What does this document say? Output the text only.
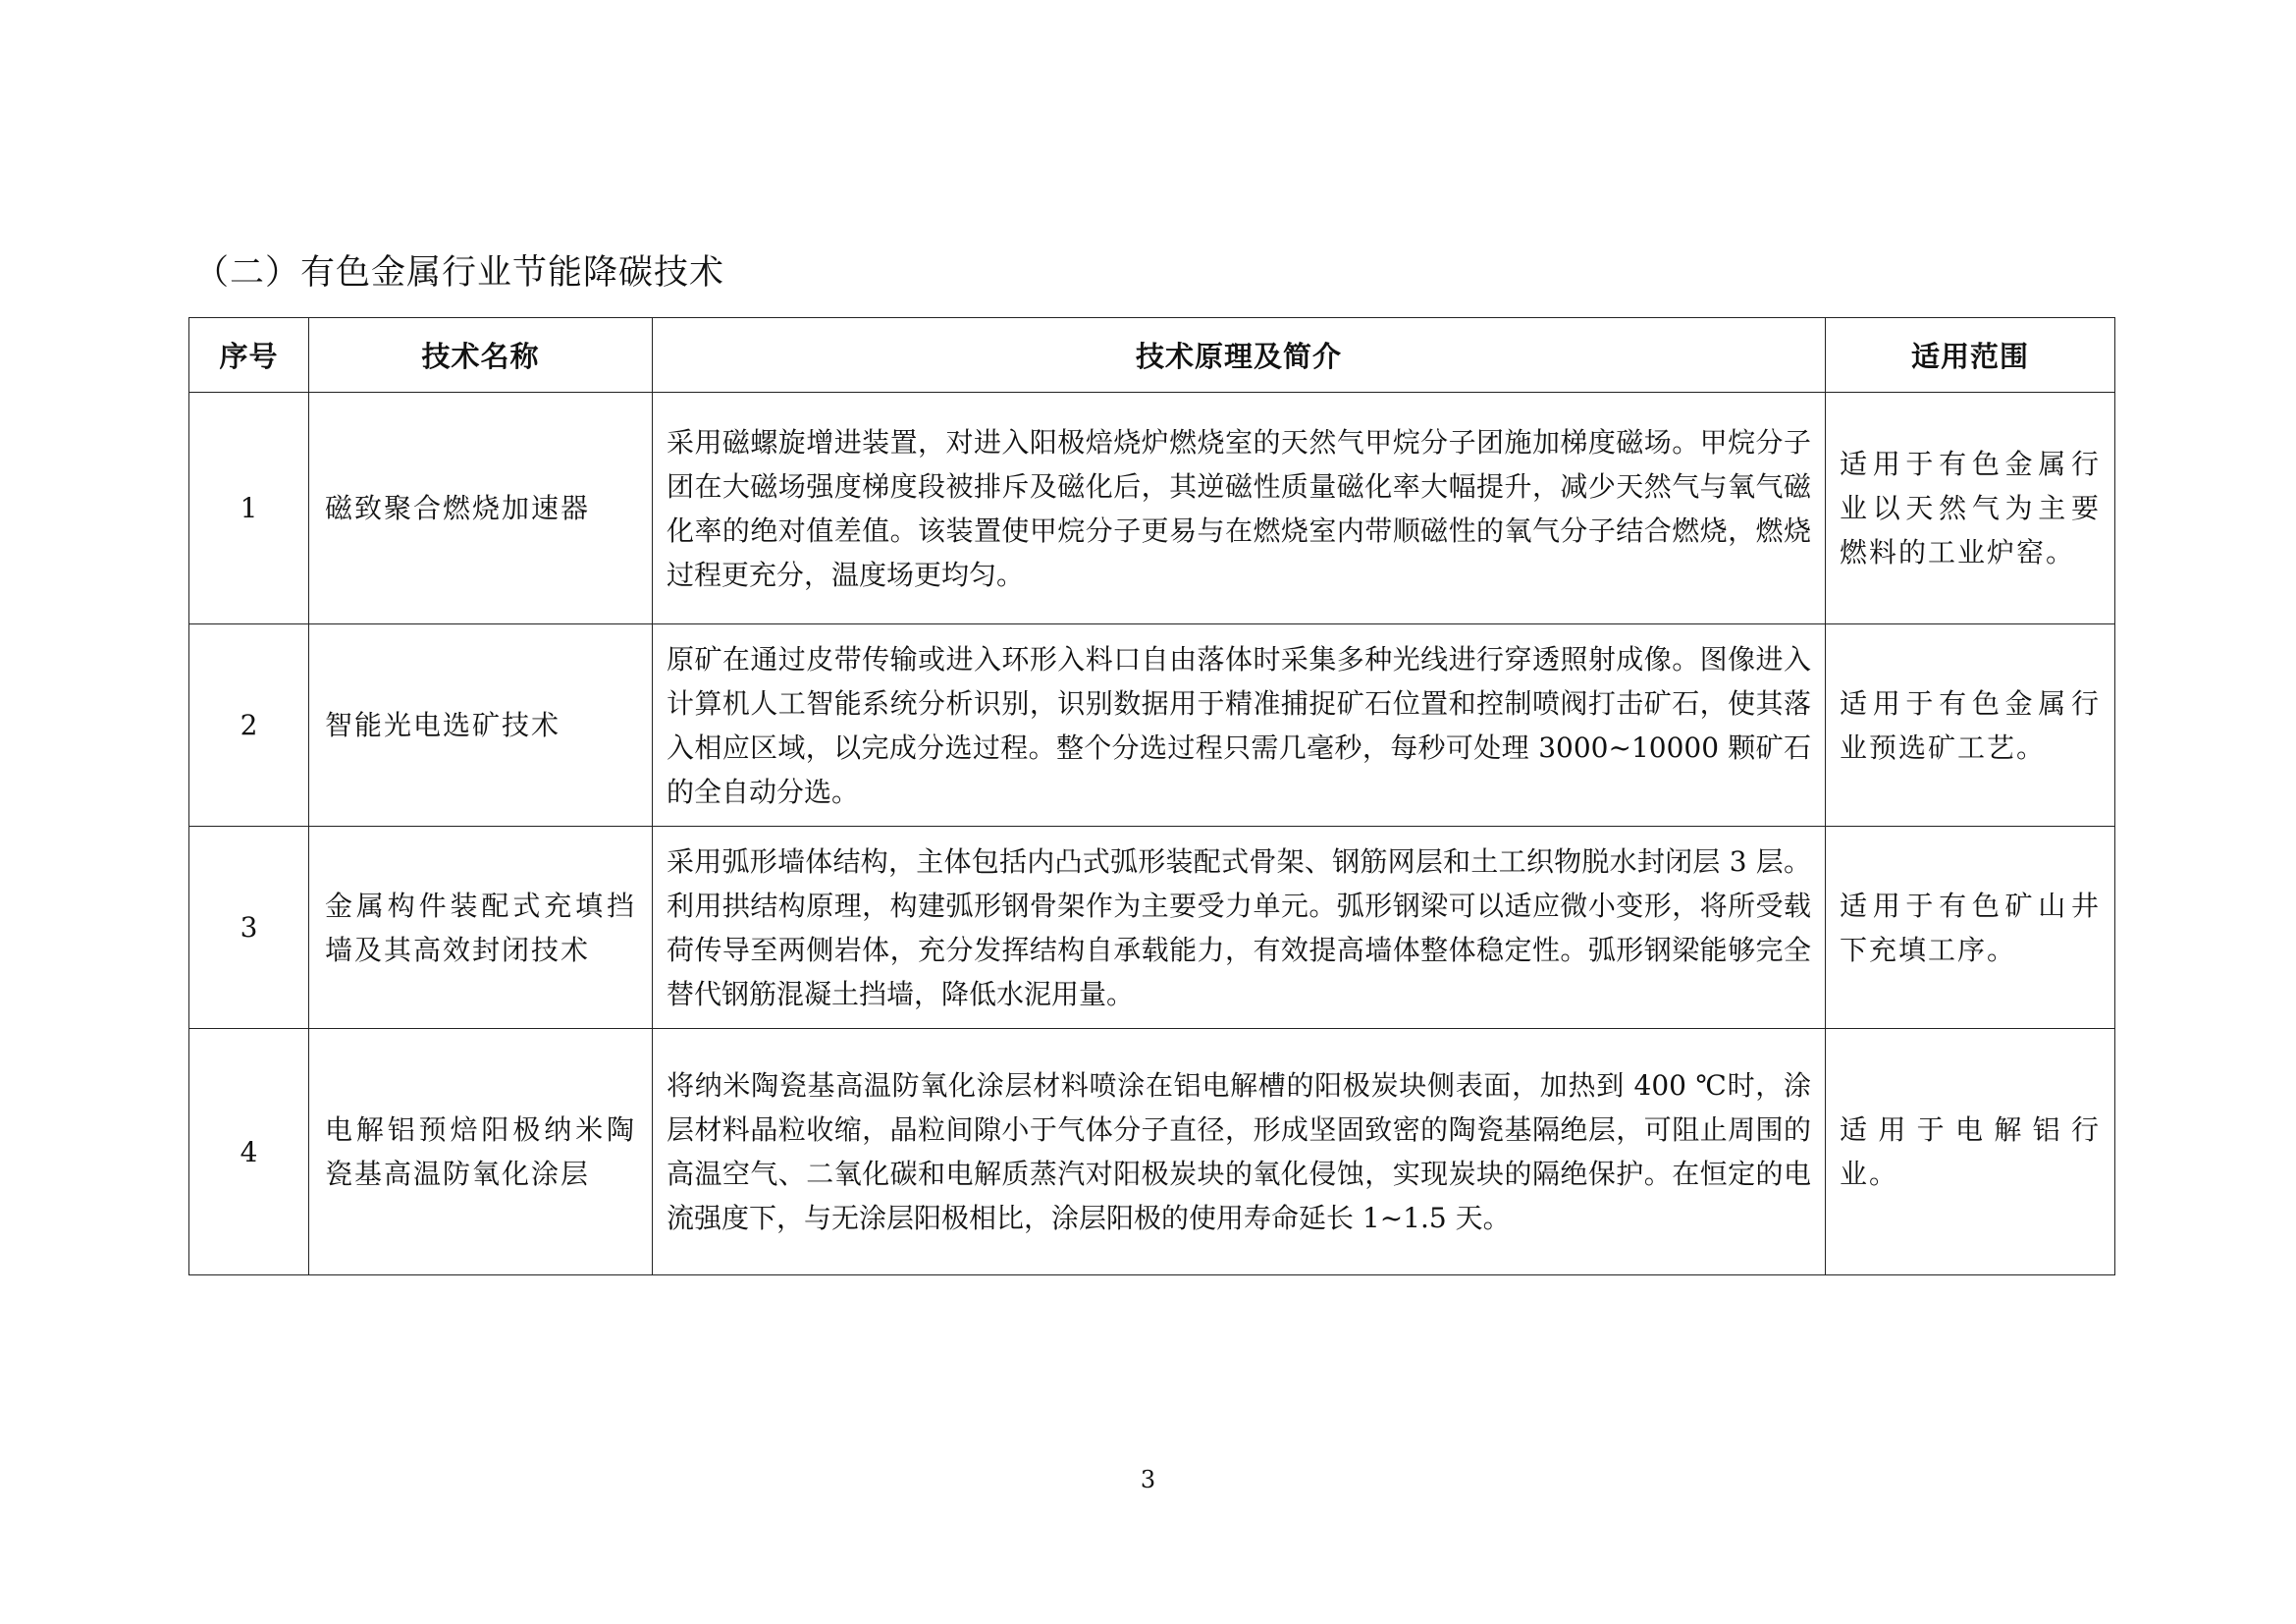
（二）有色金属行业节能降碳技术
序号	技术名称	技术原理及简介	适用范围
1	磁致聚合燃烧加速器	采用磁螺旋增进装置，对进入阳极焙烧炉燃烧室的天然气甲烷分子团施加梯度磁场。甲烷分子团在大磁场强度梯度段被排斥及磁化后，其逆磁性质量磁化率大幅提升，减少天然气与氧气磁化率的绝对值差值。该装置使甲烷分子更易与在燃烧室内带顺磁性的氧气分子结合燃烧，燃烧过程更充分，温度场更均匀。	适用于有色金属行业以天然气为主要燃料的工业炉窑。
2	智能光电选矿技术	原矿在通过皮带传输或进入环形入料口自由落体时采集多种光线进行穿透照射成像。图像进入计算机人工智能系统分析识别，识别数据用于精准捕捉矿石位置和控制喷阀打击矿石，使其落入相应区域，以完成分选过程。整个分选过程只需几毫秒，每秒可处理 3000~10000 颗矿石的全自动分选。	适用于有色金属行业预选矿工艺。
3	金属构件装配式充填挡墙及其高效封闭技术	采用弧形墙体结构，主体包括内凸式弧形装配式骨架、钢筋网层和土工织物脱水封闭层 3 层。利用拱结构原理，构建弧形钢骨架作为主要受力单元。弧形钢梁可以适应微小变形，将所受载荷传导至两侧岩体，充分发挥结构自承载能力，有效提高墙体整体稳定性。弧形钢梁能够完全替代钢筋混凝土挡墙，降低水泥用量。	适用于有色矿山井下充填工序。
4	电解铝预焙阳极纳米陶瓷基高温防氧化涂层	将纳米陶瓷基高温防氧化涂层材料喷涂在铝电解槽的阳极炭块侧表面，加热到 400 ℃时，涂层材料晶粒收缩，晶粒间隙小于气体分子直径，形成坚固致密的陶瓷基隔绝层，可阻止周围的高温空气、二氧化碳和电解质蒸汽对阳极炭块的氧化侵蚀，实现炭块的隔绝保护。在恒定的电流强度下，与无涂层阳极相比，涂层阳极的使用寿命延长 1~1.5 天。	适用于电解铝行业。
3
